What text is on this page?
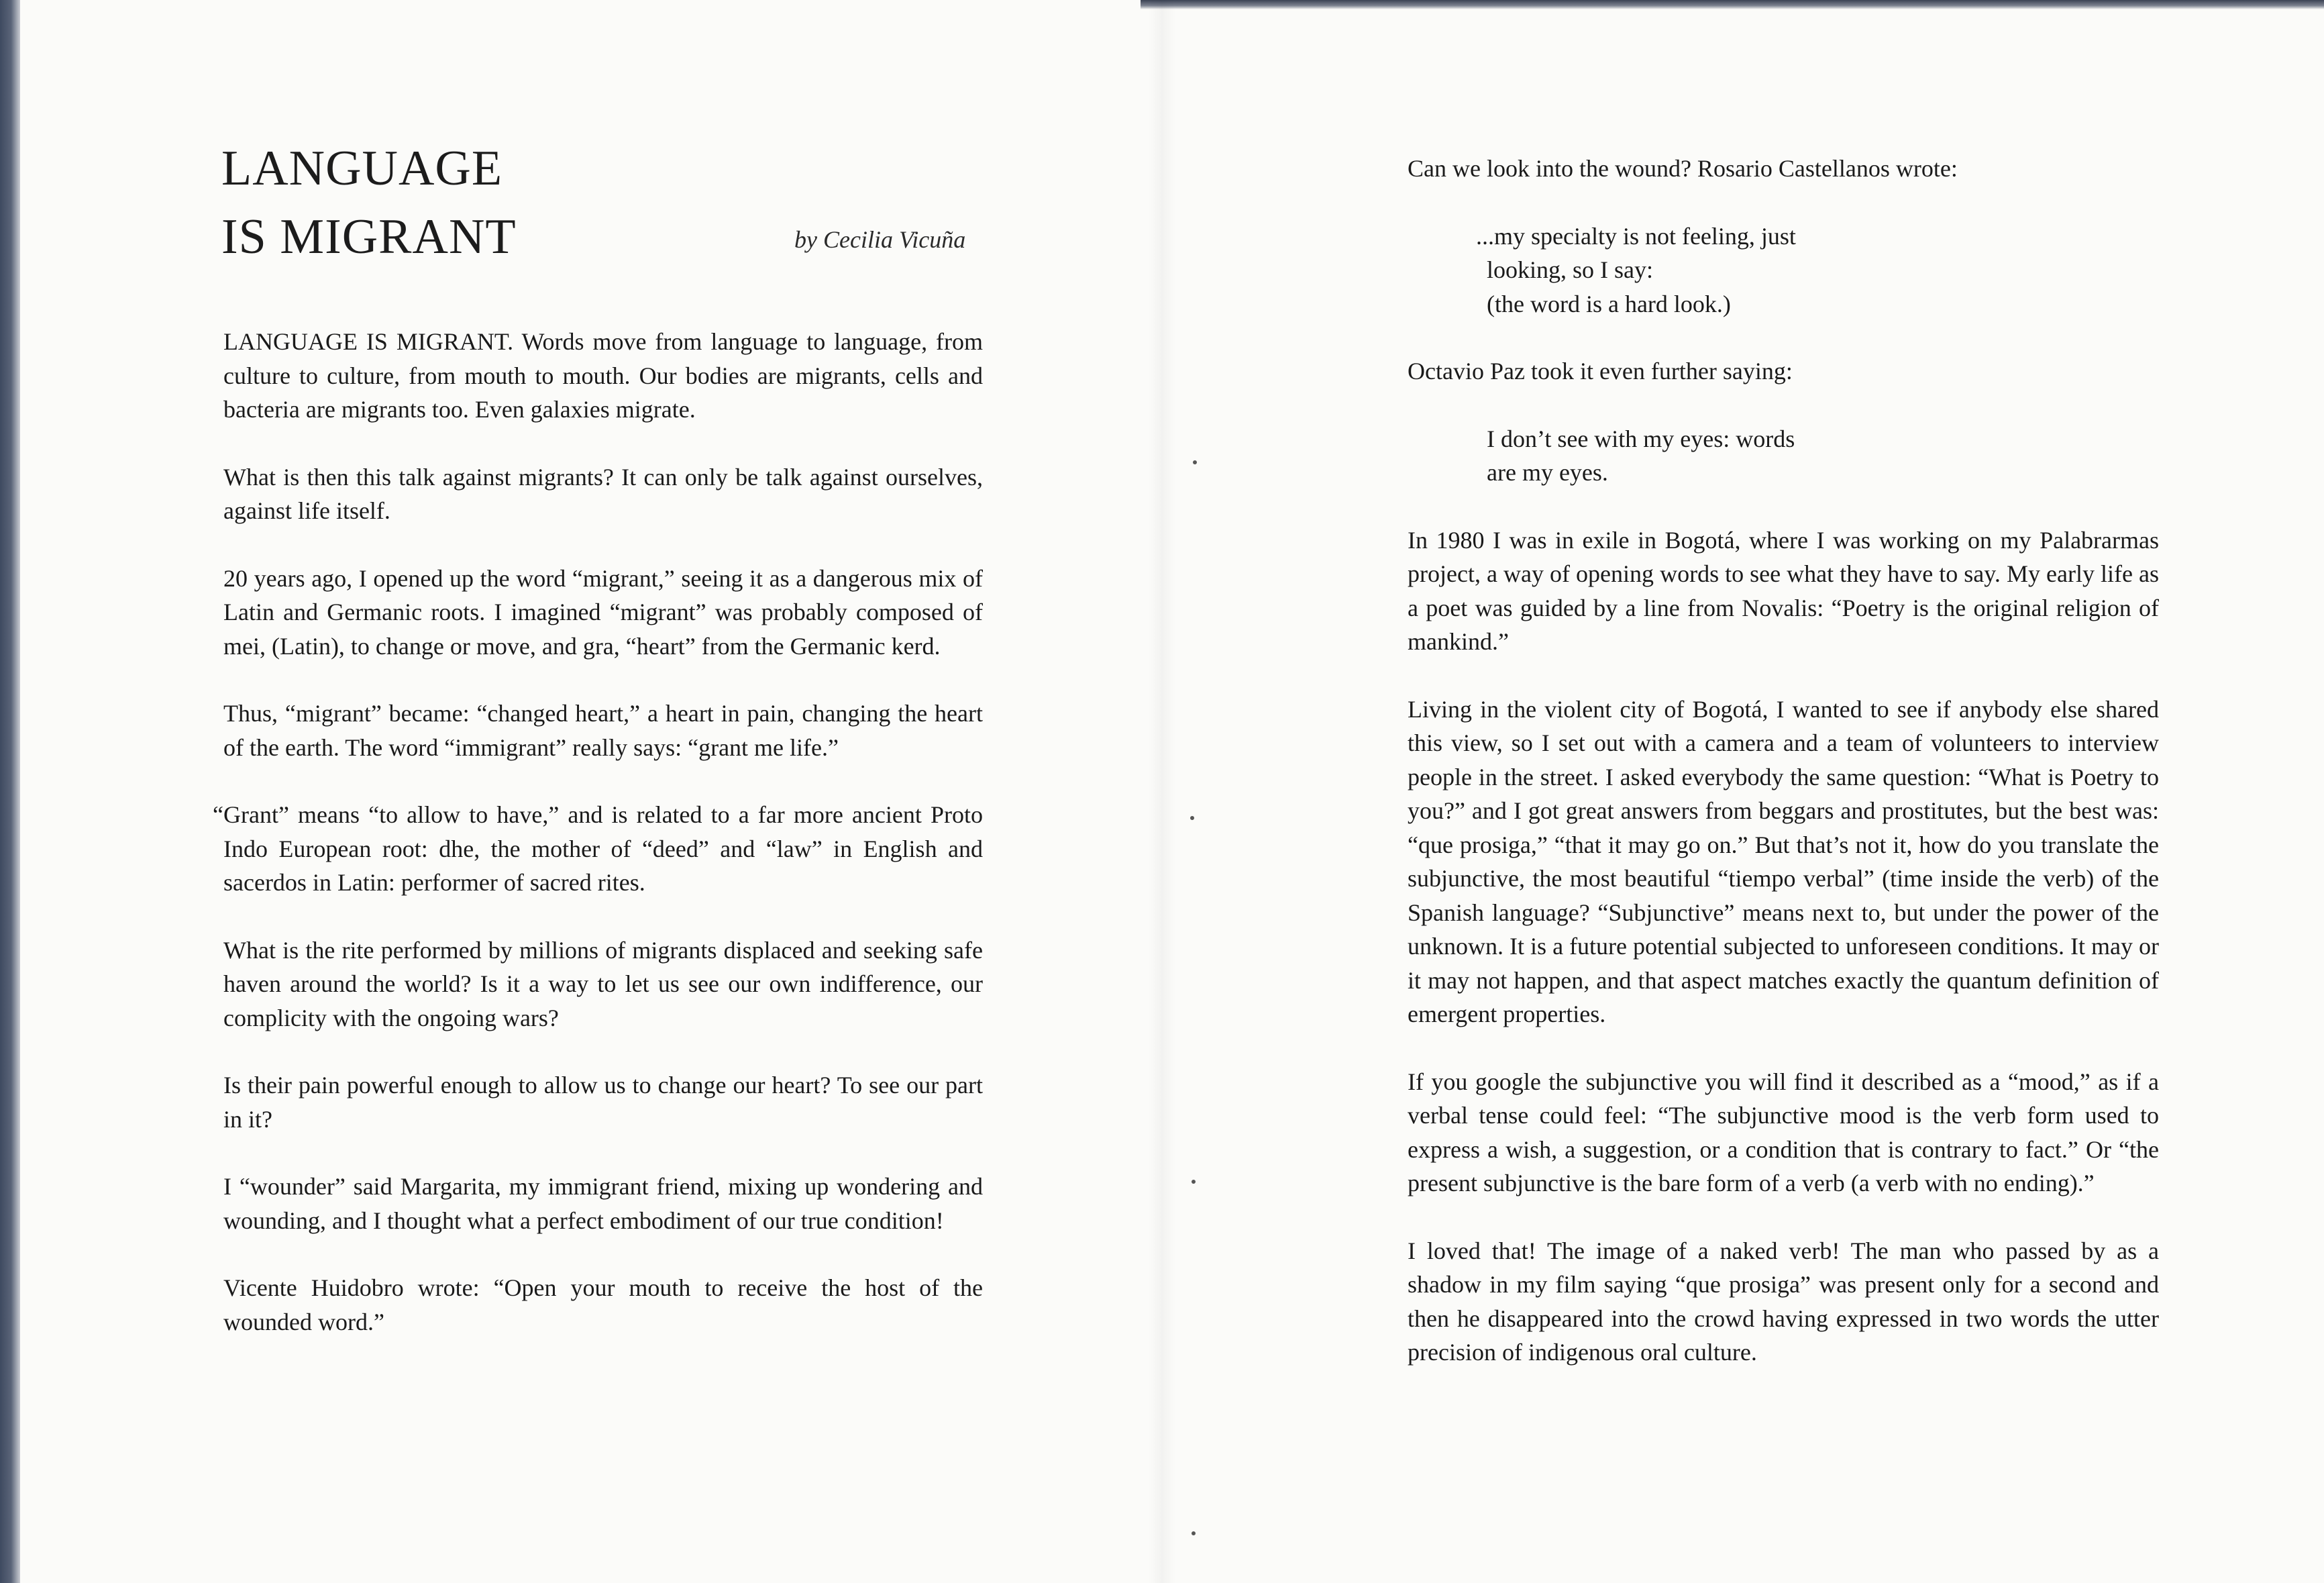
LANGUAGE
IS MIGRANT	by Cecilia Vicuña

LANGUAGE IS MIGRANT. Words move from language to language, from culture to culture, from mouth to mouth. Our bodies are migrants, cells and bacteria are migrants too. Even galaxies migrate.

What is then this talk against migrants? It can only be talk against ourselves, against life itself.

20 years ago, I opened up the word “migrant,” seeing it as a dangerous mix of Latin and Germanic roots. I imagined “migrant” was probably composed of mei, (Latin), to change or move, and gra, “heart” from the Germanic kerd.

Thus, “migrant” became: “changed heart,” a heart in pain, changing the heart of the earth. The word “immigrant” really says: “grant me life.”

“Grant” means “to allow to have,” and is related to a far more ancient Proto Indo European root: dhe, the mother of “deed” and “law” in English and sacerdos in Latin: performer of sacred rites.

What is the rite performed by millions of migrants displaced and seeking safe haven around the world? Is it a way to let us see our own indifference, our complicity with the ongoing wars?

Is their pain powerful enough to allow us to change our heart? To see our part in it?

I “wounder” said Margarita, my immigrant friend, mixing up wondering and wounding, and I thought what a perfect embodiment of our true condition!

Vicente Huidobro wrote: “Open your mouth to receive the host of the wounded word.”

Can we look into the wound? Rosario Castellanos wrote:

...my specialty is not feeling, just
looking, so I say:
(the word is a hard look.)

Octavio Paz took it even further saying:

I don’t see with my eyes: words
are my eyes.

In 1980 I was in exile in Bogotá, where I was working on my Palabrarmas project, a way of opening words to see what they have to say. My early life as a poet was guided by a line from Novalis: “Poetry is the original religion of mankind.”

Living in the violent city of Bogotá, I wanted to see if anybody else shared this view, so I set out with a camera and a team of volunteers to interview people in the street. I asked everybody the same question: “What is Poetry to you?” and I got great answers from beggars and prostitutes, but the best was: “que prosiga,” “that it may go on.” But that’s not it, how do you translate the subjunctive, the most beautiful “tiempo verbal” (time inside the verb) of the Spanish language? “Subjunctive” means next to, but under the power of the unknown. It is a future potential subjected to unforeseen conditions. It may or it may not happen, and that aspect matches exactly the quantum definition of emergent properties.

If you google the subjunctive you will find it described as a “mood,” as if a verbal tense could feel: “The subjunctive mood is the verb form used to express a wish, a suggestion, or a condition that is contrary to fact.” Or “the present subjunctive is the bare form of a verb (a verb with no ending).”

I loved that! The image of a naked verb! The man who passed by as a shadow in my film saying “que prosiga” was present only for a second and then he disappeared into the crowd having expressed in two words the utter precision of indigenous oral culture.
